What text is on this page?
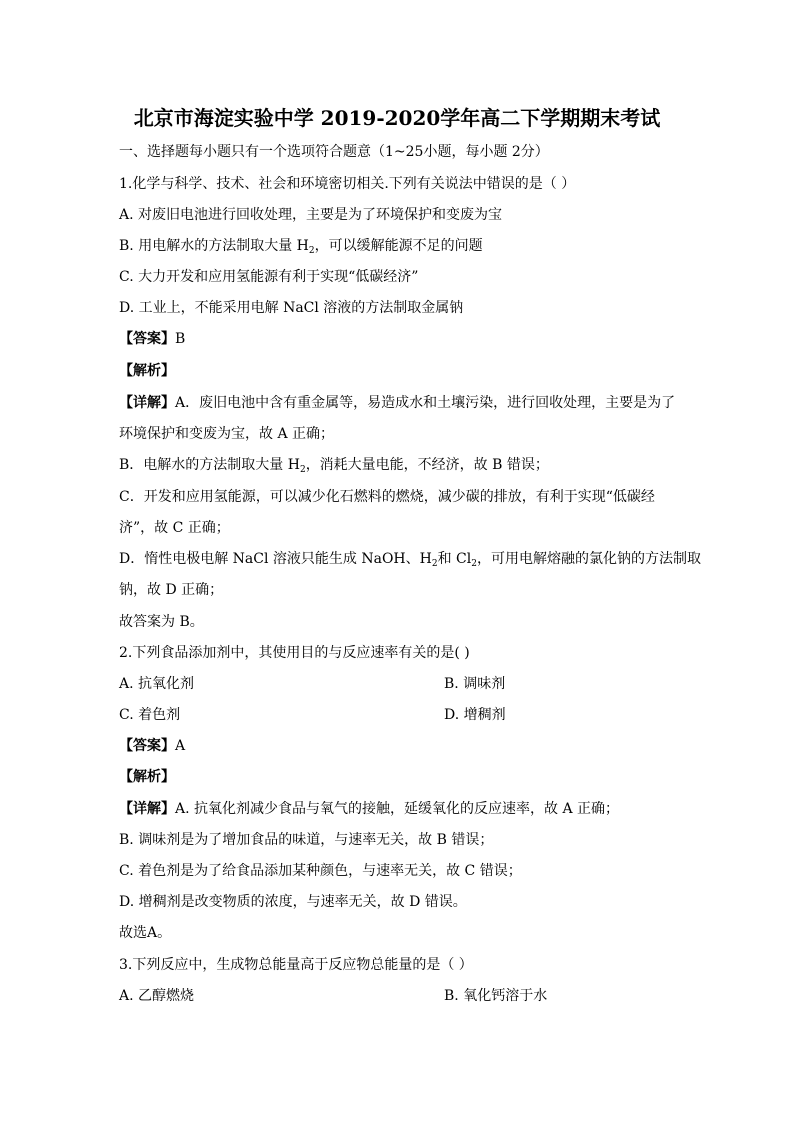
北京市海淀实验中学 2019-2020学年高二下学期期末考试
一、选择题每小题只有一个选项符合题意（1~25小题，每小题 2分）
1.化学与科学、技术、社会和环境密切相关.下列有关说法中错误的是（ ）
A. 对废旧电池进行回收处理，主要是为了环境保护和变废为宝
B. 用电解水的方法制取大量 $H_2$，可以缓解能源不足的问题
C. 大力开发和应用氢能源有利于实现“低碳经济”
D. 工业上，不能采用电解 NaCl 溶液的方法制取金属钠
【答案】B
【解析】
【详解】A．废旧电池中含有重金属等，易造成水和土壤污染，进行回收处理，主要是为了
环境保护和变废为宝，故 A 正确；
B．电解水的方法制取大量 $H_2$，消耗大量电能，不经济，故 B 错误；
C．开发和应用氢能源，可以减少化石燃料的燃烧，减少碳的排放，有利于实现“低碳经
济”，故 C 正确；
D．惰性电极电解 NaCl 溶液只能生成 NaOH、$H_2$和 $Cl_2$，可用电解熔融的氯化钠的方法制取
钠，故 D 正确；
故答案为 B。
2.下列食品添加剂中，其使用目的与反应速率有关的是( )
A. 抗氧化剂	B. 调味剂
C. 着色剂	D. 增稠剂
【答案】A
【解析】
【详解】A. 抗氧化剂减少食品与氧气的接触，延缓氧化的反应速率，故 A 正确；
B. 调味剂是为了增加食品的味道，与速率无关，故 B 错误；
C. 着色剂是为了给食品添加某种颜色，与速率无关，故 C 错误；
D. 增稠剂是改变物质的浓度，与速率无关，故 D 错误。
故选A。
3.下列反应中，生成物总能量高于反应物总能量的是（ ）
A. 乙醇燃烧	B. 氧化钙溶于水
